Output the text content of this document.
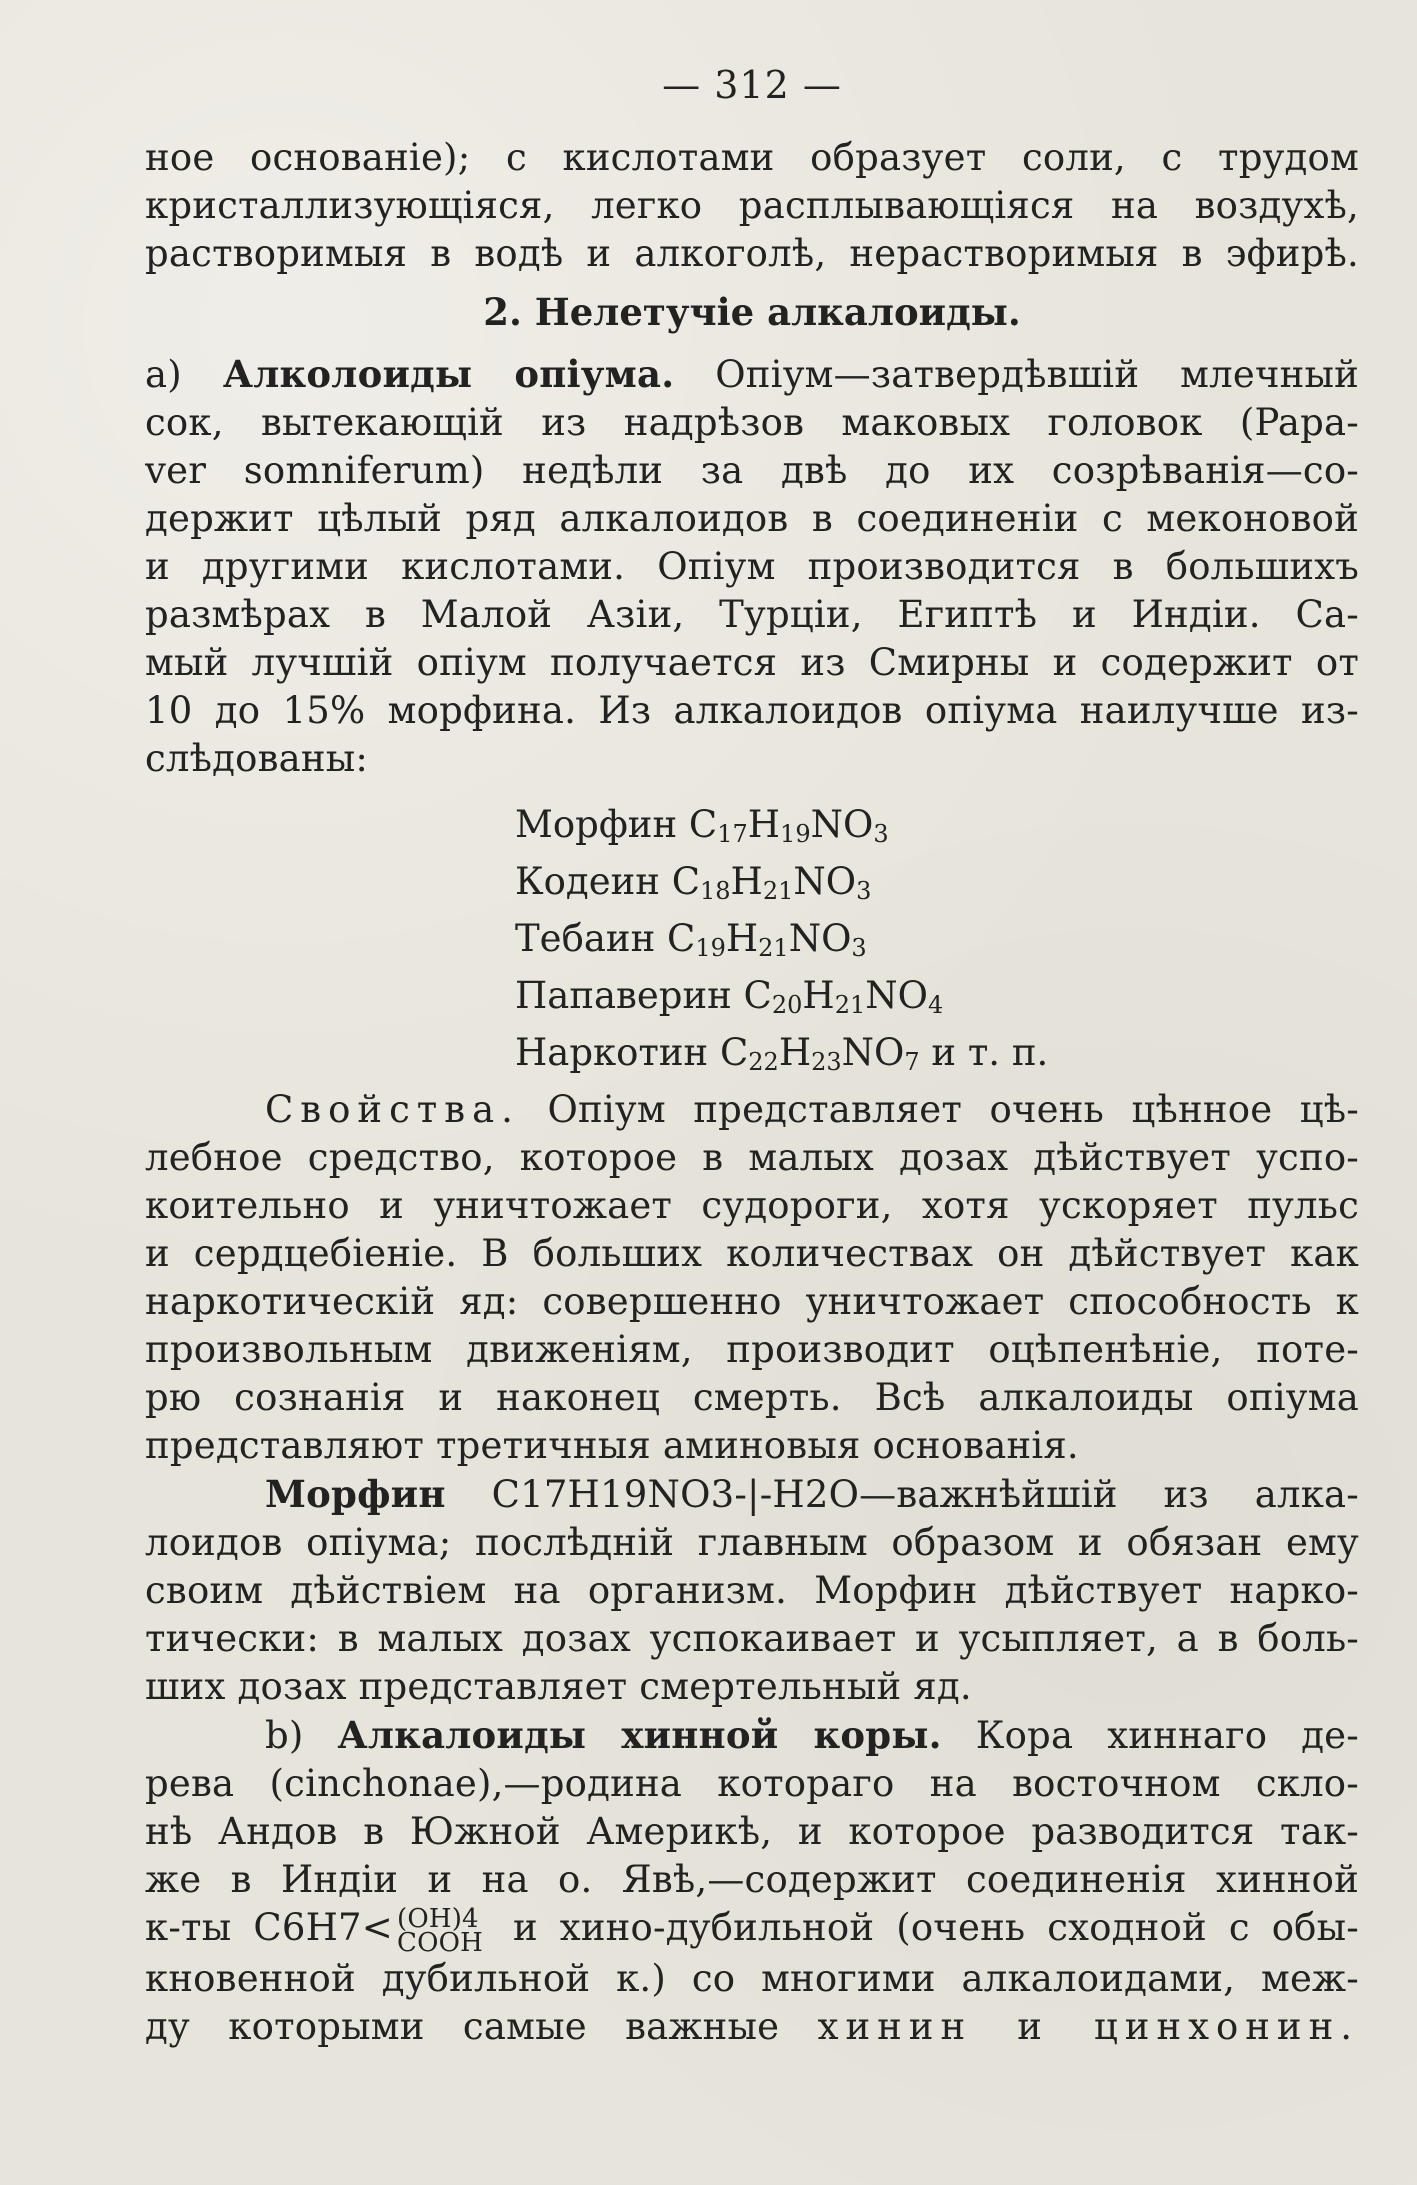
— 312 —
ное основаніе); с кислотами образует соли, с трудом
кристаллизующіяся, легко расплывающіяся на воздухѣ,
растворимыя в водѣ и алкоголѣ, нерастворимыя в эфирѣ.
2. Нелетучіе алкалоиды.
a) Алколоиды опіума. Опіум—затвердѣвшій млечный
сок, вытекающій из надрѣзов маковых головок (Papa-
ver somniferum) недѣли за двѣ до их созрѣванія—со-
держит цѣлый ряд алкалоидов в соединеніи с меконовой
и другими кислотами. Опіум производится в большихъ
размѣрах в Малой Азіи, Турціи, Египтѣ и Индіи. Са-
мый лучшій опіум получается из Смирны и содержит от
10 до 15% морфина. Из алкалоидов опіума наилучше из-
слѣдованы:
Морфин $C_{17}H_{19}NO_3$
Кодеин $C_{18}H_{21}NO_3$
Тебаин $C_{19}H_{21}NO_3$
Папаверин $C_{20}H_{21}NO_4$
Наркотин $C_{22}H_{23}NO_7$ и т. п.
Свойства. Опіум представляет очень цѣнное цѣ-
лебное средство, которое в малых дозах дѣйствует успо-
коительно и уничтожает судороги, хотя ускоряет пульс
и сердцебіеніе. В больших количествах он дѣйствует как
наркотическій яд: совершенно уничтожает способность к
произвольным движеніям, производит оцѣпенѣніе, поте-
рю сознанія и наконец смерть. Всѣ алкалоиды опіума
представляют третичныя аминовыя основанія.
Морфин C17H19NO3-|-H2O—важнѣйшій из алка-
лоидов опіума; послѣдній главным образом и обязан ему
своим дѣйствіем на организм. Морфин дѣйствует нарко-
тически: в малых дозах успокаивает и усыпляет, а в боль-
ших дозах представляет смертельный яд.
b) Алкалоиды хинной коры. Кора хиннаго де-
рева (cinchonae),—родина котораго на восточном скло-
нѣ Андов в Южной Америкѣ, и которое разводится так-
же в Индіи и на о. Явѣ,—содержит соединенія хинной
к-ты C6H7< (OH)4
COOH и хино-дубильной (очень сходной с обы-
кновенной дубильной к.) со многими алкалоидами, меж-
ду которыми самые важные хинин и цинхонин.
